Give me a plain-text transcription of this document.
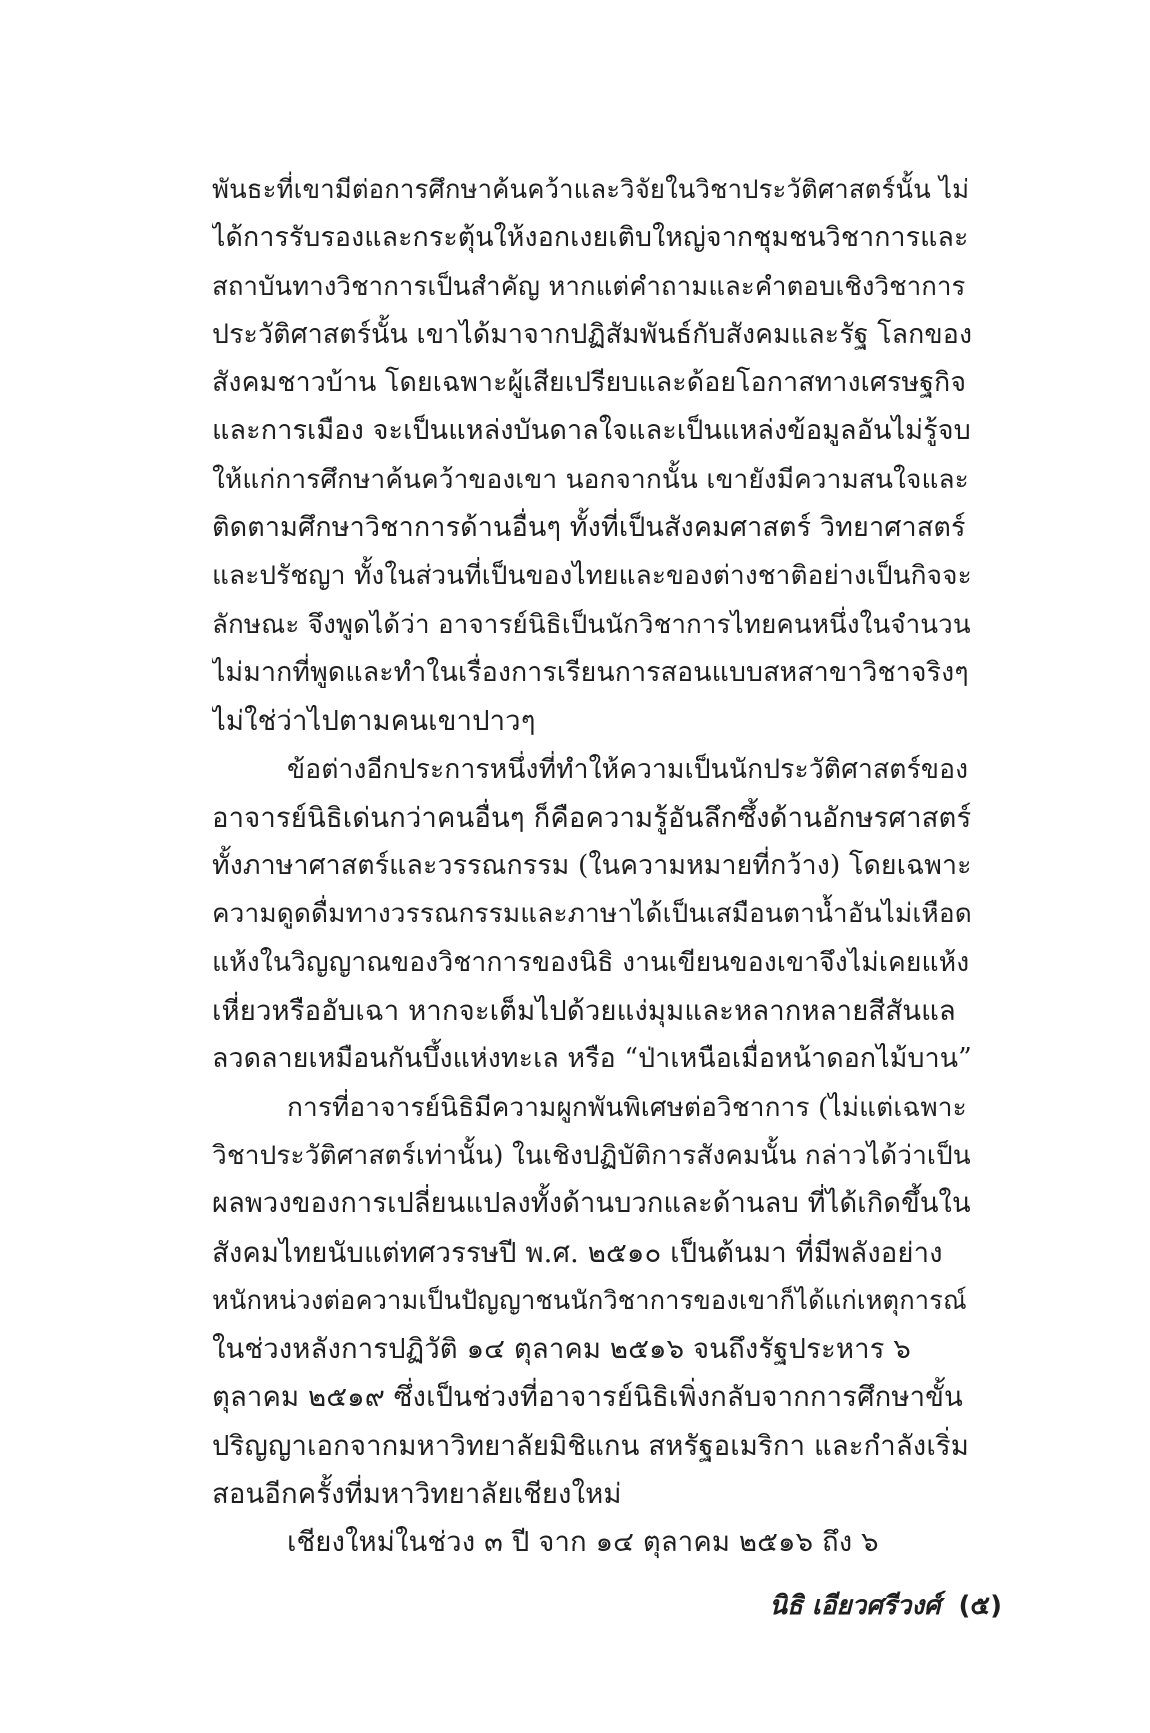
พันธะที่เขามีต่อการศึกษาค้นคว้าและวิจัยในวิชาประวัติศาสตร์นั้น ไม่
ได้การรับรองและกระตุ้นให้งอกเงยเติบใหญ่จากชุมชนวิชาการและ
สถาบันทางวิชาการเป็นสำคัญ หากแต่คำถามและคำตอบเชิงวิชาการ
ประวัติศาสตร์นั้น เขาได้มาจากปฏิสัมพันธ์กับสังคมและรัฐ โลกของ
สังคมชาวบ้าน โดยเฉพาะผู้เสียเปรียบและด้อยโอกาสทางเศรษฐกิจ
และการเมือง จะเป็นแหล่งบันดาลใจและเป็นแหล่งข้อมูลอันไม่รู้จบ
ให้แก่การศึกษาค้นคว้าของเขา นอกจากนั้น เขายังมีความสนใจและ
ติดตามศึกษาวิชาการด้านอื่นๆ ทั้งที่เป็นสังคมศาสตร์ วิทยาศาสตร์
และปรัชญา ทั้งในส่วนที่เป็นของไทยและของต่างชาติอย่างเป็นกิจจะ
ลักษณะ จึงพูดได้ว่า อาจารย์นิธิเป็นนักวิชาการไทยคนหนึ่งในจำนวน
ไม่มากที่พูดและทำในเรื่องการเรียนการสอนแบบสหสาขาวิชาจริงๆ
ไม่ใช่ว่าไปตามคนเขาปาวๆ
ข้อต่างอีกประการหนึ่งที่ทำให้ความเป็นนักประวัติศาสตร์ของ
อาจารย์นิธิเด่นกว่าคนอื่นๆ ก็คือความรู้อันลึกซึ้งด้านอักษรศาสตร์
ทั้งภาษาศาสตร์และวรรณกรรม (ในความหมายที่กว้าง) โดยเฉพาะ
ความดูดดื่มทางวรรณกรรมและภาษาได้เป็นเสมือนตาน้ำอันไม่เหือด
แห้งในวิญญาณของวิชาการของนิธิ งานเขียนของเขาจึงไม่เคยแห้ง
เหี่ยวหรืออับเฉา หากจะเต็มไปด้วยแง่มุมและหลากหลายสีสันแล
ลวดลายเหมือนกันบึ้งแห่งทะเล หรือ “ป่าเหนือเมื่อหน้าดอกไม้บาน”
การที่อาจารย์นิธิมีความผูกพันพิเศษต่อวิชาการ (ไม่แต่เฉพาะ
วิชาประวัติศาสตร์เท่านั้น) ในเชิงปฏิบัติการสังคมนั้น กล่าวได้ว่าเป็น
ผลพวงของการเปลี่ยนแปลงทั้งด้านบวกและด้านลบ ที่ได้เกิดขึ้นใน
สังคมไทยนับแต่ทศวรรษปี พ.ศ. ๒๕๑๐ เป็นต้นมา ที่มีพลังอย่าง
หนักหน่วงต่อความเป็นปัญญาชนนักวิชาการของเขาก็ได้แก่เหตุการณ์
ในช่วงหลังการปฏิวัติ ๑๔ ตุลาคม ๒๕๑๖ จนถึงรัฐประหาร ๖
ตุลาคม ๒๕๑๙ ซึ่งเป็นช่วงที่อาจารย์นิธิเพิ่งกลับจากการศึกษาขั้น
ปริญญาเอกจากมหาวิทยาลัยมิชิแกน สหรัฐอเมริกา และกำลังเริ่ม
สอนอีกครั้งที่มหาวิทยาลัยเชียงใหม่
เชียงใหม่ในช่วง ๓ ปี จาก ๑๔ ตุลาคม ๒๕๑๖ ถึง ๖
นิธิ เอียวศรีวงศ์ (๕)
